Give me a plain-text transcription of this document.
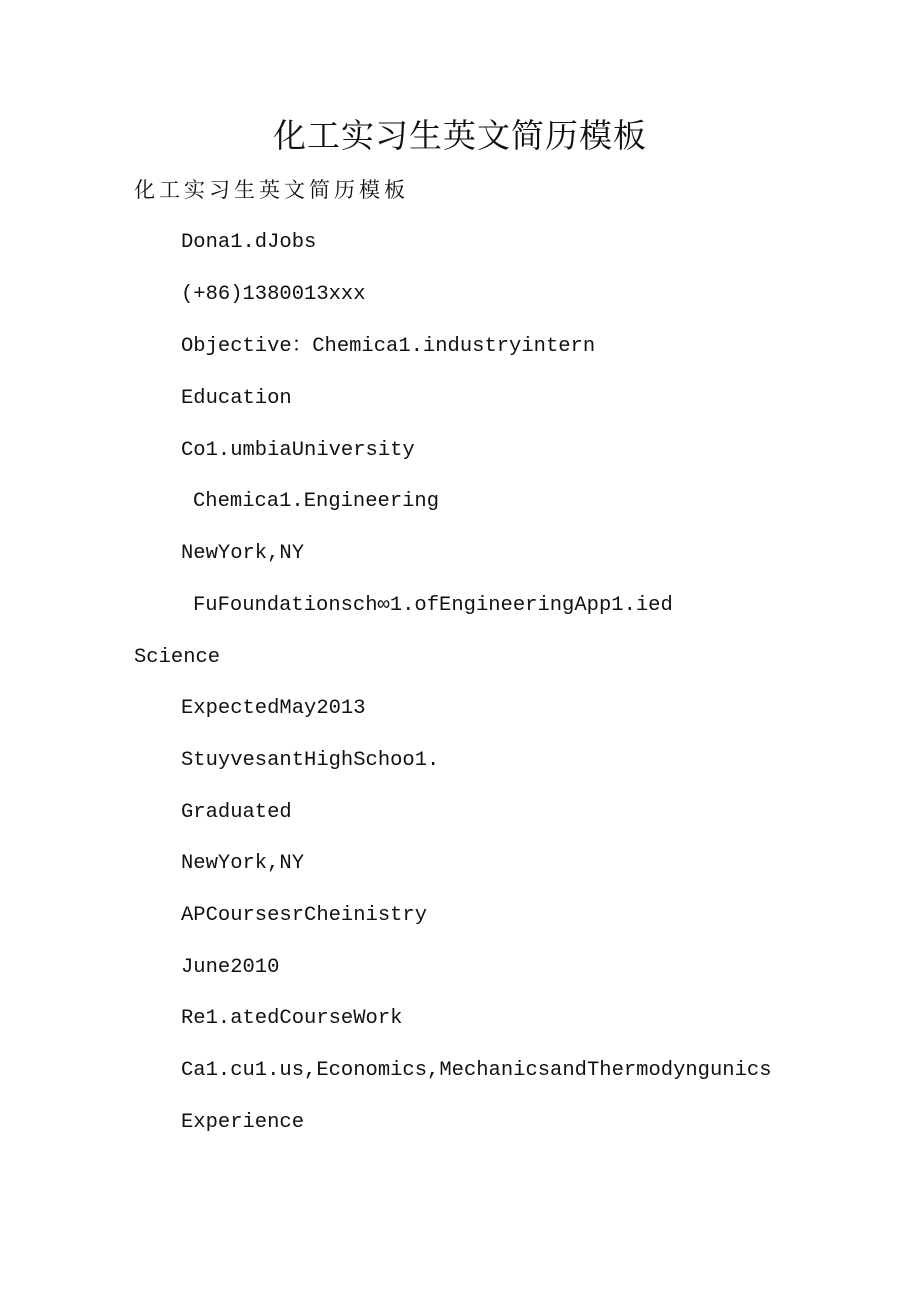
化工实习生英文简历模板

化工实习生英文简历模板

Dona1.dJobs

(+86)1380013xxx

Objective：Chemica1.industryintern

Education

Co1.umbiaUniversity

Chemica1.Engineering

NewYork,NY

FuFoundationsch∞1.ofEngineeringApp1.ied

Science

ExpectedMay2013

StuyvesantHighSchoo1.

Graduated

NewYork,NY

APCoursesrCheinistry

June2010

Re1.atedCourseWork

Ca1.cu1.us,Economics,MechanicsandThermodyngunics

Experience
